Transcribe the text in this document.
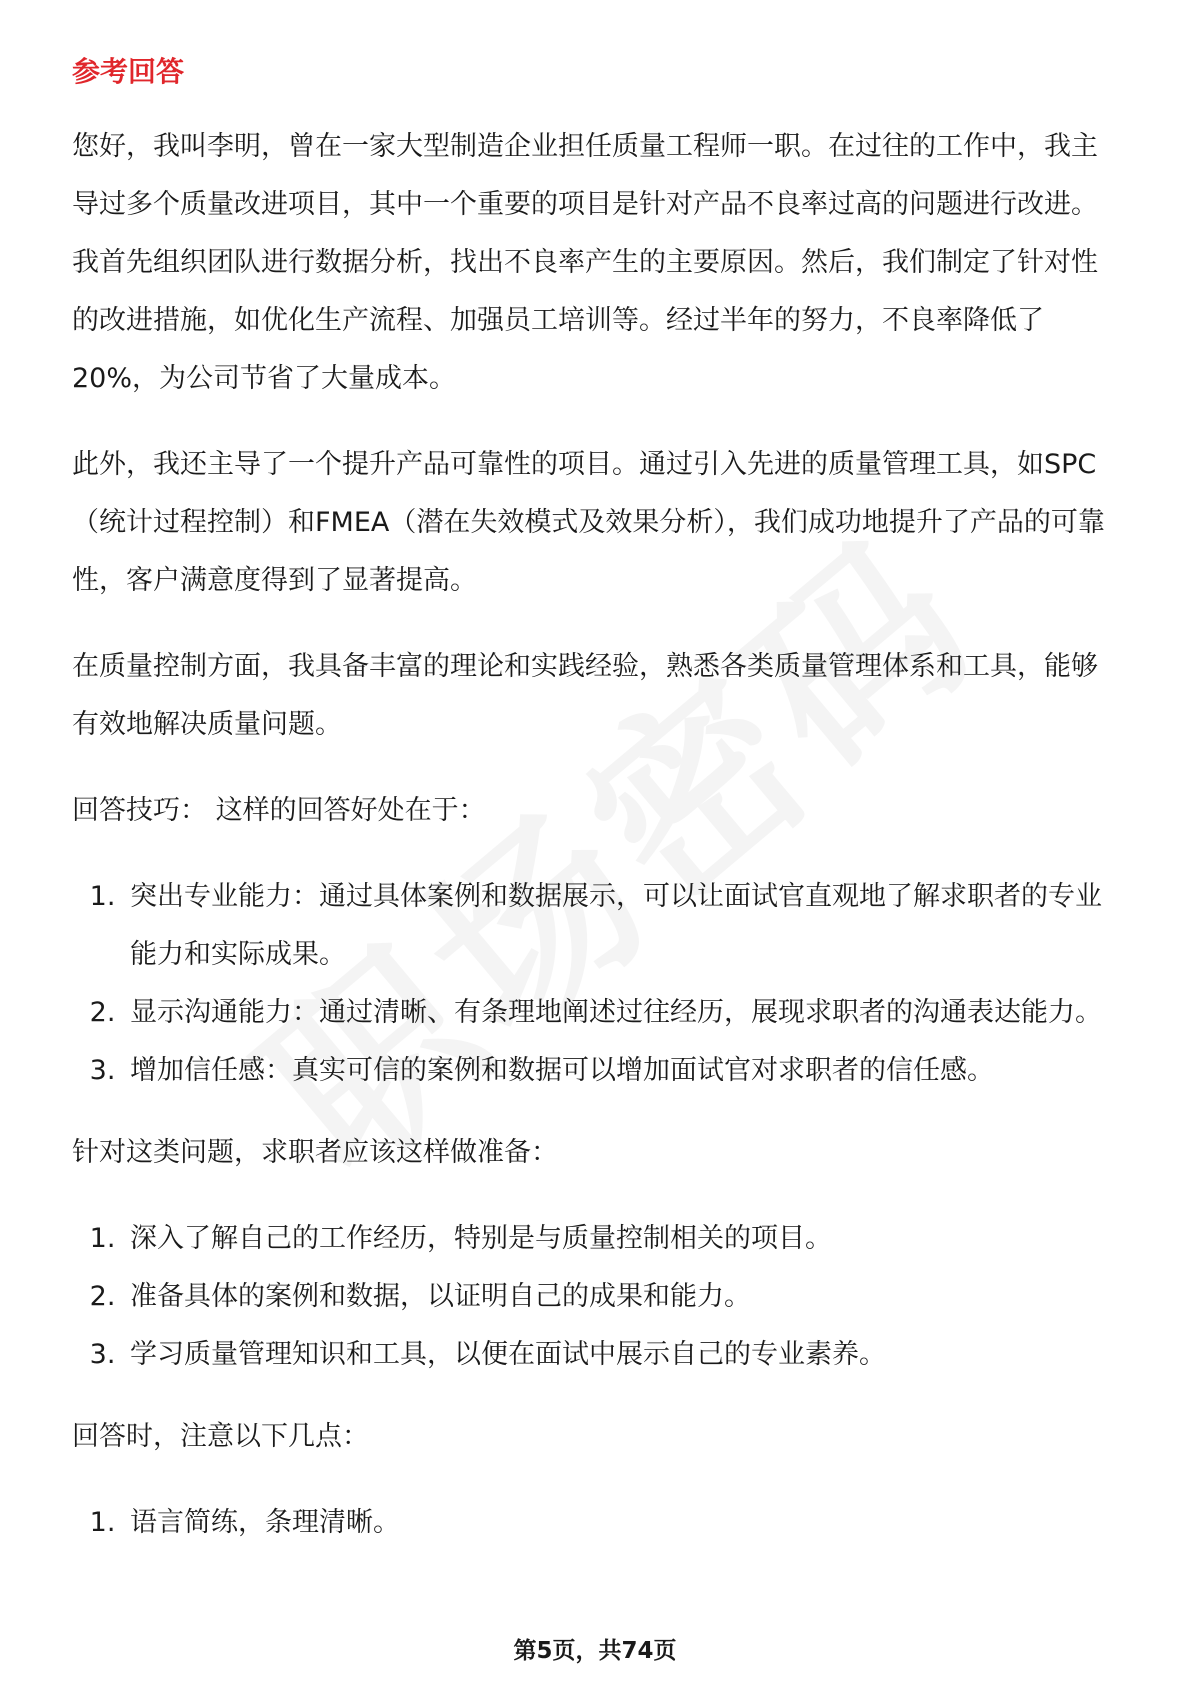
参考回答

您好，我叫李明，曾在一家大型制造企业担任质量工程师一职。在过往的工作中，我主导过多个质量改进项目，其中一个重要的项目是针对产品不良率过高的问题进行改进。我首先组织团队进行数据分析，找出不良率产生的主要原因。然后，我们制定了针对性的改进措施，如优化生产流程、加强员工培训等。经过半年的努力，不良率降低了20%，为公司节省了大量成本。

此外，我还主导了一个提升产品可靠性的项目。通过引入先进的质量管理工具，如SPC（统计过程控制）和FMEA（潜在失效模式及效果分析），我们成功地提升了产品的可靠性，客户满意度得到了显著提高。

在质量控制方面，我具备丰富的理论和实践经验，熟悉各类质量管理体系和工具，能够有效地解决质量问题。

回答技巧： 这样的回答好处在于：

1. 突出专业能力：通过具体案例和数据展示，可以让面试官直观地了解求职者的专业能力和实际成果。
2. 显示沟通能力：通过清晰、有条理地阐述过往经历，展现求职者的沟通表达能力。
3. 增加信任感：真实可信的案例和数据可以增加面试官对求职者的信任感。

针对这类问题，求职者应该这样做准备：

1. 深入了解自己的工作经历，特别是与质量控制相关的项目。
2. 准备具体的案例和数据，以证明自己的成果和能力。
3. 学习质量管理知识和工具，以便在面试中展示自己的专业素养。

回答时，注意以下几点：

1. 语言简练，条理清晰。
第5页，共74页
